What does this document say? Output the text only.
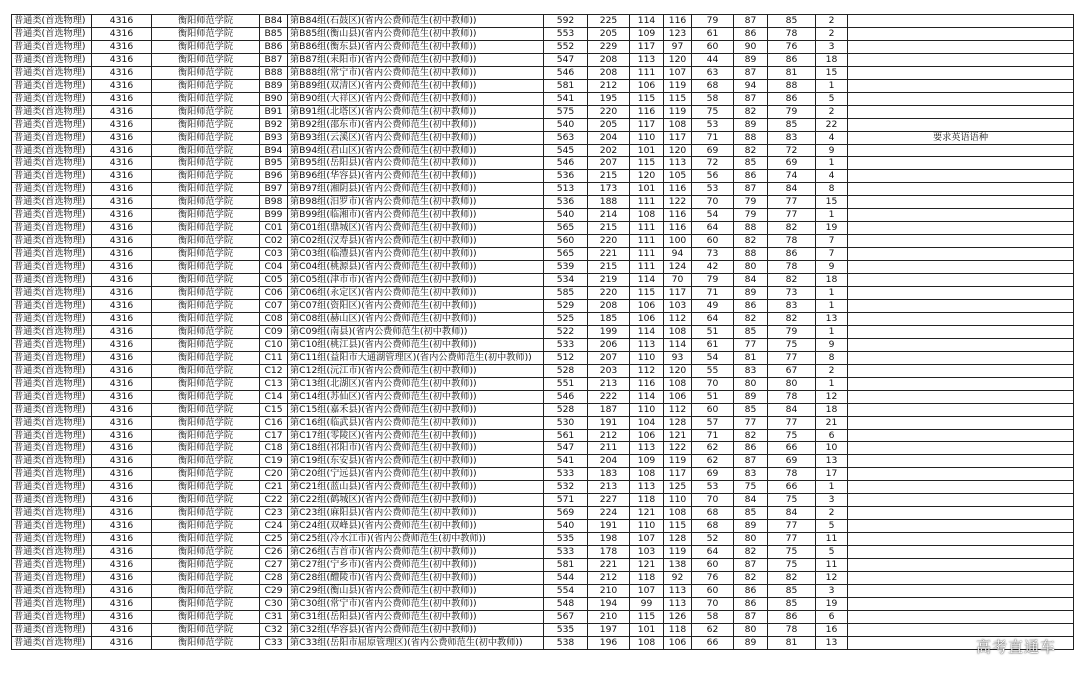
普通类(首选物理)	4316	衡阳师范学院	B84	第B84组(石鼓区)(省内公费师范生(初中教师))	592	225	114	116	79	87	85	2	
普通类(首选物理)	4316	衡阳师范学院	B85	第B85组(衡山县)(省内公费师范生(初中教师))	553	205	109	123	61	86	78	2	
普通类(首选物理)	4316	衡阳师范学院	B86	第B86组(衡东县)(省内公费师范生(初中教师))	552	229	117	97	60	90	76	3	
普通类(首选物理)	4316	衡阳师范学院	B87	第B87组(耒阳市)(省内公费师范生(初中教师))	547	208	113	120	44	89	86	18	
普通类(首选物理)	4316	衡阳师范学院	B88	第B88组(常宁市)(省内公费师范生(初中教师))	546	208	111	107	63	87	81	15	
普通类(首选物理)	4316	衡阳师范学院	B89	第B89组(双清区)(省内公费师范生(初中教师))	581	212	106	119	68	94	88	1	
普通类(首选物理)	4316	衡阳师范学院	B90	第B90组(大祥区)(省内公费师范生(初中教师))	541	195	115	115	58	87	86	5	
普通类(首选物理)	4316	衡阳师范学院	B91	第B91组(北塔区)(省内公费师范生(初中教师))	575	220	116	119	75	82	79	2	
普通类(首选物理)	4316	衡阳师范学院	B92	第B92组(邵东市)(省内公费师范生(初中教师))	540	205	117	108	53	89	85	22	
普通类(首选物理)	4316	衡阳师范学院	B93	第B93组(云溪区)(省内公费师范生(初中教师))	563	204	110	117	71	88	83	4	要求英语语种
普通类(首选物理)	4316	衡阳师范学院	B94	第B94组(君山区)(省内公费师范生(初中教师))	545	202	101	120	69	82	72	9	
普通类(首选物理)	4316	衡阳师范学院	B95	第B95组(岳阳县)(省内公费师范生(初中教师))	546	207	115	113	72	85	69	1	
普通类(首选物理)	4316	衡阳师范学院	B96	第B96组(华容县)(省内公费师范生(初中教师))	536	215	120	105	56	86	74	4	
普通类(首选物理)	4316	衡阳师范学院	B97	第B97组(湘阴县)(省内公费师范生(初中教师))	513	173	101	116	53	87	84	8	
普通类(首选物理)	4316	衡阳师范学院	B98	第B98组(汨罗市)(省内公费师范生(初中教师))	536	188	111	122	70	79	77	15	
普通类(首选物理)	4316	衡阳师范学院	B99	第B99组(临湘市)(省内公费师范生(初中教师))	540	214	108	116	54	79	77	1	
普通类(首选物理)	4316	衡阳师范学院	C01	第C01组(鼎城区)(省内公费师范生(初中教师))	565	215	111	116	64	88	82	19	
普通类(首选物理)	4316	衡阳师范学院	C02	第C02组(汉寿县)(省内公费师范生(初中教师))	560	220	111	100	60	82	78	7	
普通类(首选物理)	4316	衡阳师范学院	C03	第C03组(临澧县)(省内公费师范生(初中教师))	565	221	111	94	73	88	86	7	
普通类(首选物理)	4316	衡阳师范学院	C04	第C04组(桃源县)(省内公费师范生(初中教师))	539	215	111	124	42	80	78	9	
普通类(首选物理)	4316	衡阳师范学院	C05	第C05组(津市市)(省内公费师范生(初中教师))	534	219	114	70	79	84	82	18	
普通类(首选物理)	4316	衡阳师范学院	C06	第C06组(永定区)(省内公费师范生(初中教师))	585	220	115	117	71	89	73	1	
普通类(首选物理)	4316	衡阳师范学院	C07	第C07组(资阳区)(省内公费师范生(初中教师))	529	208	106	103	49	86	83	1	
普通类(首选物理)	4316	衡阳师范学院	C08	第C08组(赫山区)(省内公费师范生(初中教师))	525	185	106	112	64	82	82	13	
普通类(首选物理)	4316	衡阳师范学院	C09	第C09组(南县)(省内公费师范生(初中教师))	522	199	114	108	51	85	79	1	
普通类(首选物理)	4316	衡阳师范学院	C10	第C10组(桃江县)(省内公费师范生(初中教师))	533	206	113	114	61	77	75	9	
普通类(首选物理)	4316	衡阳师范学院	C11	第C11组(益阳市大通湖管理区)(省内公费师范生(初中教师))	512	207	110	93	54	81	77	8	
普通类(首选物理)	4316	衡阳师范学院	C12	第C12组(沅江市)(省内公费师范生(初中教师))	528	203	112	120	55	83	67	2	
普通类(首选物理)	4316	衡阳师范学院	C13	第C13组(北湖区)(省内公费师范生(初中教师))	551	213	116	108	70	80	80	1	
普通类(首选物理)	4316	衡阳师范学院	C14	第C14组(苏仙区)(省内公费师范生(初中教师))	546	222	114	106	51	89	78	12	
普通类(首选物理)	4316	衡阳师范学院	C15	第C15组(嘉禾县)(省内公费师范生(初中教师))	528	187	110	112	60	85	84	18	
普通类(首选物理)	4316	衡阳师范学院	C16	第C16组(临武县)(省内公费师范生(初中教师))	530	191	104	128	57	77	77	21	
普通类(首选物理)	4316	衡阳师范学院	C17	第C17组(零陵区)(省内公费师范生(初中教师))	561	212	106	121	71	82	75	6	
普通类(首选物理)	4316	衡阳师范学院	C18	第C18组(祁阳市)(省内公费师范生(初中教师))	547	211	113	122	62	86	66	10	
普通类(首选物理)	4316	衡阳师范学院	C19	第C19组(东安县)(省内公费师范生(初中教师))	541	204	109	119	62	87	69	13	
普通类(首选物理)	4316	衡阳师范学院	C20	第C20组(宁远县)(省内公费师范生(初中教师))	533	183	108	117	69	83	78	17	
普通类(首选物理)	4316	衡阳师范学院	C21	第C21组(蓝山县)(省内公费师范生(初中教师))	532	213	113	125	53	75	66	1	
普通类(首选物理)	4316	衡阳师范学院	C22	第C22组(鹤城区)(省内公费师范生(初中教师))	571	227	118	110	70	84	75	3	
普通类(首选物理)	4316	衡阳师范学院	C23	第C23组(麻阳县)(省内公费师范生(初中教师))	569	224	121	108	68	85	84	2	
普通类(首选物理)	4316	衡阳师范学院	C24	第C24组(双峰县)(省内公费师范生(初中教师))	540	191	110	115	68	89	77	5	
普通类(首选物理)	4316	衡阳师范学院	C25	第C25组(冷水江市)(省内公费师范生(初中教师))	535	198	107	128	52	80	77	11	
普通类(首选物理)	4316	衡阳师范学院	C26	第C26组(吉首市)(省内公费师范生(初中教师))	533	178	103	119	64	82	75	5	
普通类(首选物理)	4316	衡阳师范学院	C27	第C27组(宁乡市)(省内公费师范生(初中教师))	581	221	121	138	60	87	75	11	
普通类(首选物理)	4316	衡阳师范学院	C28	第C28组(醴陵市)(省内公费师范生(初中教师))	544	212	118	92	76	82	82	12	
普通类(首选物理)	4316	衡阳师范学院	C29	第C29组(衡山县)(省内公费师范生(初中教师))	554	210	107	113	60	86	85	3	
普通类(首选物理)	4316	衡阳师范学院	C30	第C30组(常宁市)(省内公费师范生(初中教师))	548	194	99	113	70	86	85	19	
普通类(首选物理)	4316	衡阳师范学院	C31	第C31组(岳阳县)(省内公费师范生(初中教师))	567	210	115	126	58	87	86	6	
普通类(首选物理)	4316	衡阳师范学院	C32	第C32组(华容县)(省内公费师范生(初中教师))	535	197	101	118	62	80	78	16	
普通类(首选物理)	4316	衡阳师范学院	C33	第C33组(岳阳市屈原管理区)(省内公费师范生(初中教师))	538	196	108	106	66	89	81	13		高考直通车
